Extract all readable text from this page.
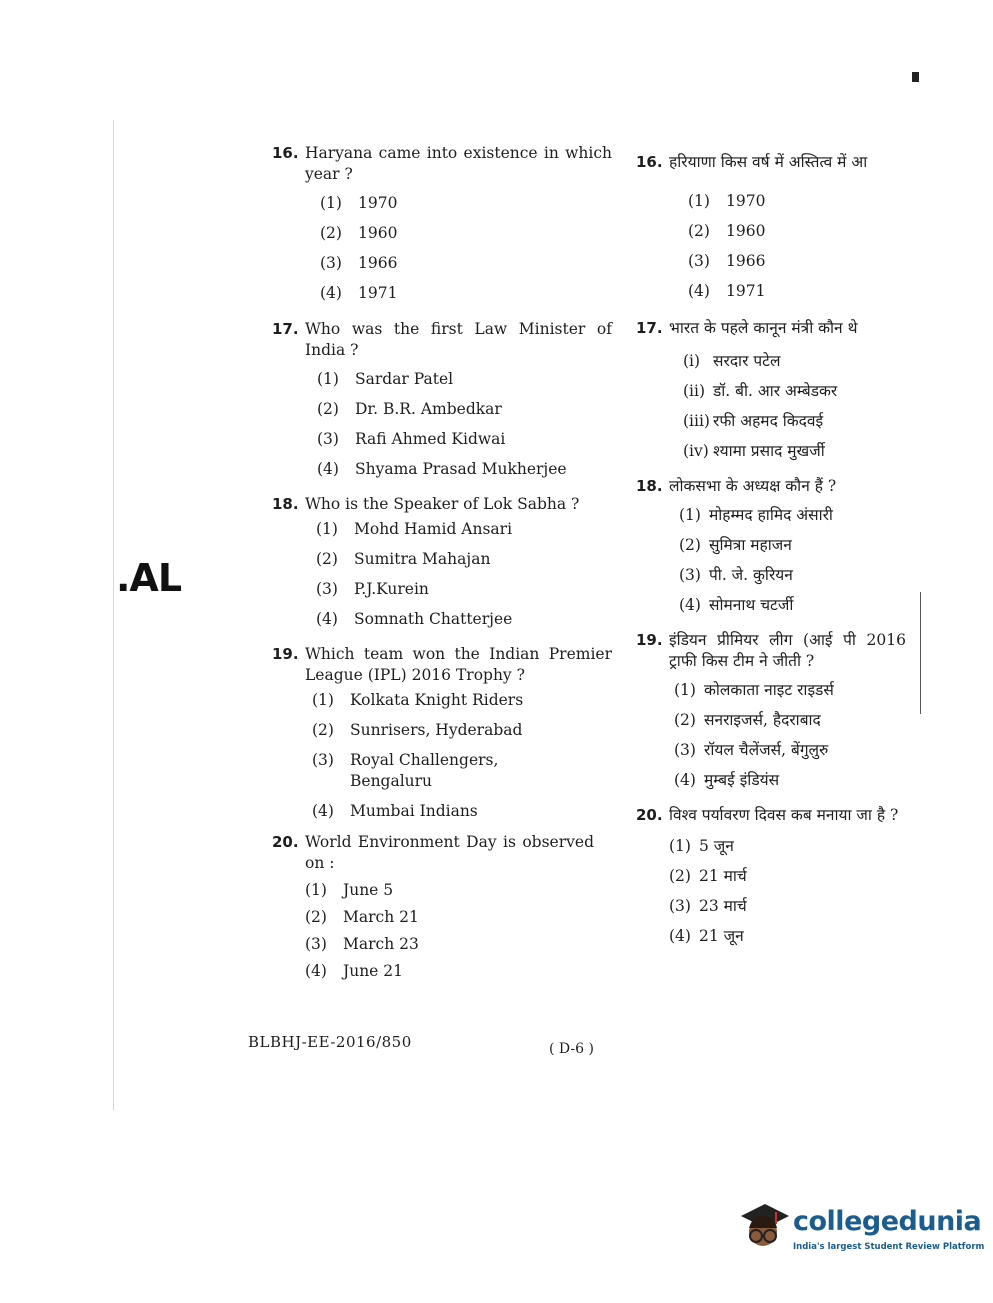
.AL
16. Haryana came into existence in which year ?
(1)	1970
(2)	1960
(3)	1966
(4)	1971
17. Who was the first Law Minister of India ?
(1)	Sardar Patel
(2)	Dr. B.R. Ambedkar
(3)	Rafi Ahmed Kidwai
(4)	Shyama Prasad Mukherjee
18. Who is the Speaker of Lok Sabha ?
(1)	Mohd Hamid Ansari
(2)	Sumitra Mahajan
(3)	P.J.Kurein
(4)	Somnath Chatterjee
19. Which team won the Indian Premier League (IPL) 2016 Trophy ?
(1)	Kolkata Knight Riders
(2)	Sunrisers, Hyderabad
(3)	Royal Challengers, Bengaluru
(4)	Mumbai Indians
20. World Environment Day is observed on :
(1)	June 5
(2)	March 21
(3)	March 23
(4)	June 21
16. हरियाणा किस वर्ष में अस्तित्व में आ
(1)	1970
(2)	1960
(3)	1966
(4)	1971
17. भारत के पहले कानून मंत्री कौन थे
(i) सरदार पटेल
(ii) डॉ. बी. आर अम्बेडकर
(iii) रफी अहमद किदवई
(iv) श्यामा प्रसाद मुखर्जी
18. लोकसभा के अध्यक्ष कौन हैं ?
(1) मोहम्मद हामिद अंसारी
(2) सुमित्रा महाजन
(3) पी. जे. कुरियन
(4) सोमनाथ चटर्जी
19. इंडियन प्रीमियर लीग (आई पी 2016 ट्राफी किस टीम ने जीती ?
(1) कोलकाता नाइट राइडर्स
(2) सनराइजर्स, हैदराबाद
(3) रॉयल चैलेंजर्स, बेंगुलुरु
(4) मुम्बई इंडियंस
20. विश्व पर्यावरण दिवस कब मनाया जा है ?
(1) 5 जून
(2) 21 मार्च
(3) 23 मार्च
(4) 21 जून
BLBHJ-EE-2016/850	( D-6 )
collegedunia
India's largest Student Review Platform
